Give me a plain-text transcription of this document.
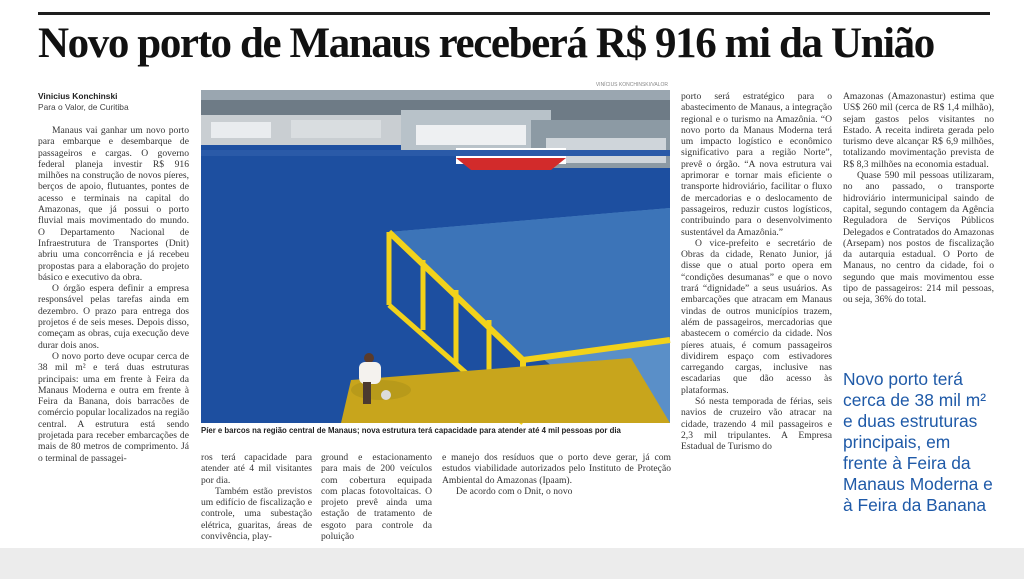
Novo porto de Manaus receberá R$ 916 mi da União
Vinicius Konchinski
Para o Valor, de Curitiba

Manaus vai ganhar um novo porto para embarque e desembarque de passageiros e cargas. O governo federal planeja investir R$ 916 milhões na construção de novos píeres, berços de apoio, flutuantes, pontes de acesso e terminais na capital do Amazonas, que já possui o porto fluvial mais movimentado do mundo. O Departamento Nacional de Infraestrutura de Transportes (Dnit) abriu uma concorrência e já recebeu propostas para a elaboração do projeto básico e executivo da obra.

O órgão espera definir a empresa responsável pelas tarefas ainda em dezembro. O prazo para entrega dos projetos é de seis meses. Depois disso, começam as obras, cuja execução deve durar dois anos.

O novo porto deve ocupar cerca de 38 mil m² e terá duas estruturas principais: uma em frente à Feira da Manaus Moderna e outra em frente à Feira da Banana, dois barracões de comércio popular localizados na região central. A estrutura está sendo projetada para receber embarcações de mais de 80 metros de comprimento. Já o terminal de passagei-

VINÍCIUS KONCHINSKI/VALOR
Píer e barcos na região central de Manaus; nova estrutura terá capacidade para atender até 4 mil pessoas por dia

ros terá capacidade para atender até 4 mil visitantes por dia.

Também estão previstos um edifício de fiscalização e controle, uma subestação elétrica, guaritas, áreas de convivência, play-

ground e estacionamento para mais de 200 veículos com cobertura equipada com placas fotovoltaicas. O projeto prevê ainda uma estação de tratamento de esgoto para controle da poluição

e manejo dos resíduos que o porto deve gerar, já com estudos viabilidade autorizados pelo Instituto de Proteção Ambiental do Amazonas (Ipaam).

De acordo com o Dnit, o novo

porto será estratégico para o abastecimento de Manaus, a integração regional e o turismo na Amazônia. “O novo porto da Manaus Moderna terá um impacto logístico e econômico significativo para a região Norte”, prevê o órgão. “A nova estrutura vai aprimorar e tornar mais eficiente o transporte hidroviário, facilitar o fluxo de mercadorias e o deslocamento de passageiros, reduzir custos logísticos, contribuindo para o desenvolvimento sustentável da Amazônia.”

O vice-prefeito e secretário de Obras da cidade, Renato Junior, já disse que o atual porto opera em “condições desumanas” e que o novo trará “dignidade” a seus usuários. As embarcações que atracam em Manaus vindas de outros municípios trazem, além de passageiros, mercadorias que abastecem o comércio da cidade. Nos píeres atuais, é comum passageiros dividirem espaço com estivadores carregando cargas, inclusive nas escadarias que dão acesso às plataformas.

Só nesta temporada de férias, seis navios de cruzeiro vão atracar na cidade, trazendo 4 mil passageiros e 2,3 mil tripulantes. A Empresa Estadual de Turismo do

Amazonas (Amazonastur) estima que US$ 260 mil (cerca de R$ 1,4 milhão), sejam gastos pelos visitantes no Estado. A receita indireta gerada pelo turismo deve alcançar R$ 6,9 milhões, totalizando movimentação prevista de R$ 8,3 milhões na economia estadual.

Quase 590 mil pessoas utilizaram, no ano passado, o transporte hidroviário intermunicipal saindo de capital, segundo contagem da Agência Reguladora de Serviços Públicos Delegados e Contratados do Amazonas (Arsepam) nos postos de fiscalização da autarquia estadual. O Porto de Manaus, no centro da cidade, foi o segundo que mais movimentou esse tipo de passageiros: 214 mil pessoas, ou seja, 36% do total.

Novo porto terá cerca de 38 mil m² e duas estruturas principais, em frente à Feira da Manaus Moderna e à Feira da Banana
